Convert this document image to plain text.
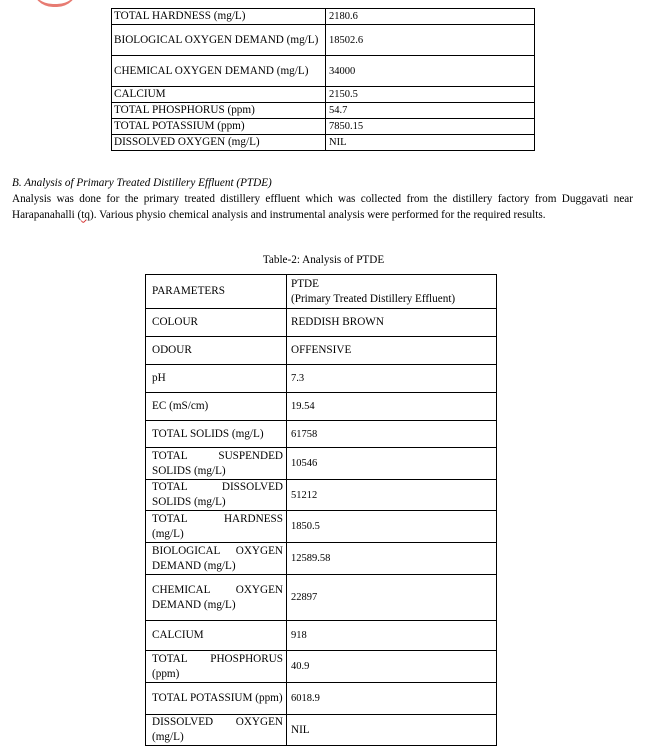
TOTAL HARDNESS (mg/L)	2180.6
BIOLOGICAL OXYGEN DEMAND (mg/L)	18502.6
CHEMICAL OXYGEN DEMAND (mg/L)	34000
CALCIUM	2150.5
TOTAL PHOSPHORUS (ppm)	54.7
TOTAL POTASSIUM (ppm)	7850.15
DISSOLVED OXYGEN (mg/L)	NIL
B. Analysis of Primary Treated Distillery Effluent (PTDE)
Analysis was done for the primary treated distillery effluent which was collected from the distillery factory from Duggavati near Harapanahalli (tq). Various physio chemical analysis and instrumental analysis were performed for the required results.
Table-2: Analysis of PTDE
PARAMETERS	PTDE
(Primary Treated Distillery Effluent)

COLOUR	REDDISH BROWN
ODOUR	OFFENSIVE
pH	7.3
EC (mS/cm)	19.54
TOTAL SOLIDS (mg/L)	61758
TOTAL SUSPENDED SOLIDS (mg/L)	10546
TOTAL DISSOLVED SOLIDS (mg/L)	51212
TOTAL HARDNESS (mg/L)	1850.5
BIOLOGICAL OXYGEN DEMAND (mg/L)	12589.58
CHEMICAL OXYGEN DEMAND (mg/L)	22897
CALCIUM	918
TOTAL PHOSPHORUS (ppm)	40.9
TOTAL POTASSIUM (ppm)	6018.9
DISSOLVED OXYGEN (mg/L)	NIL
